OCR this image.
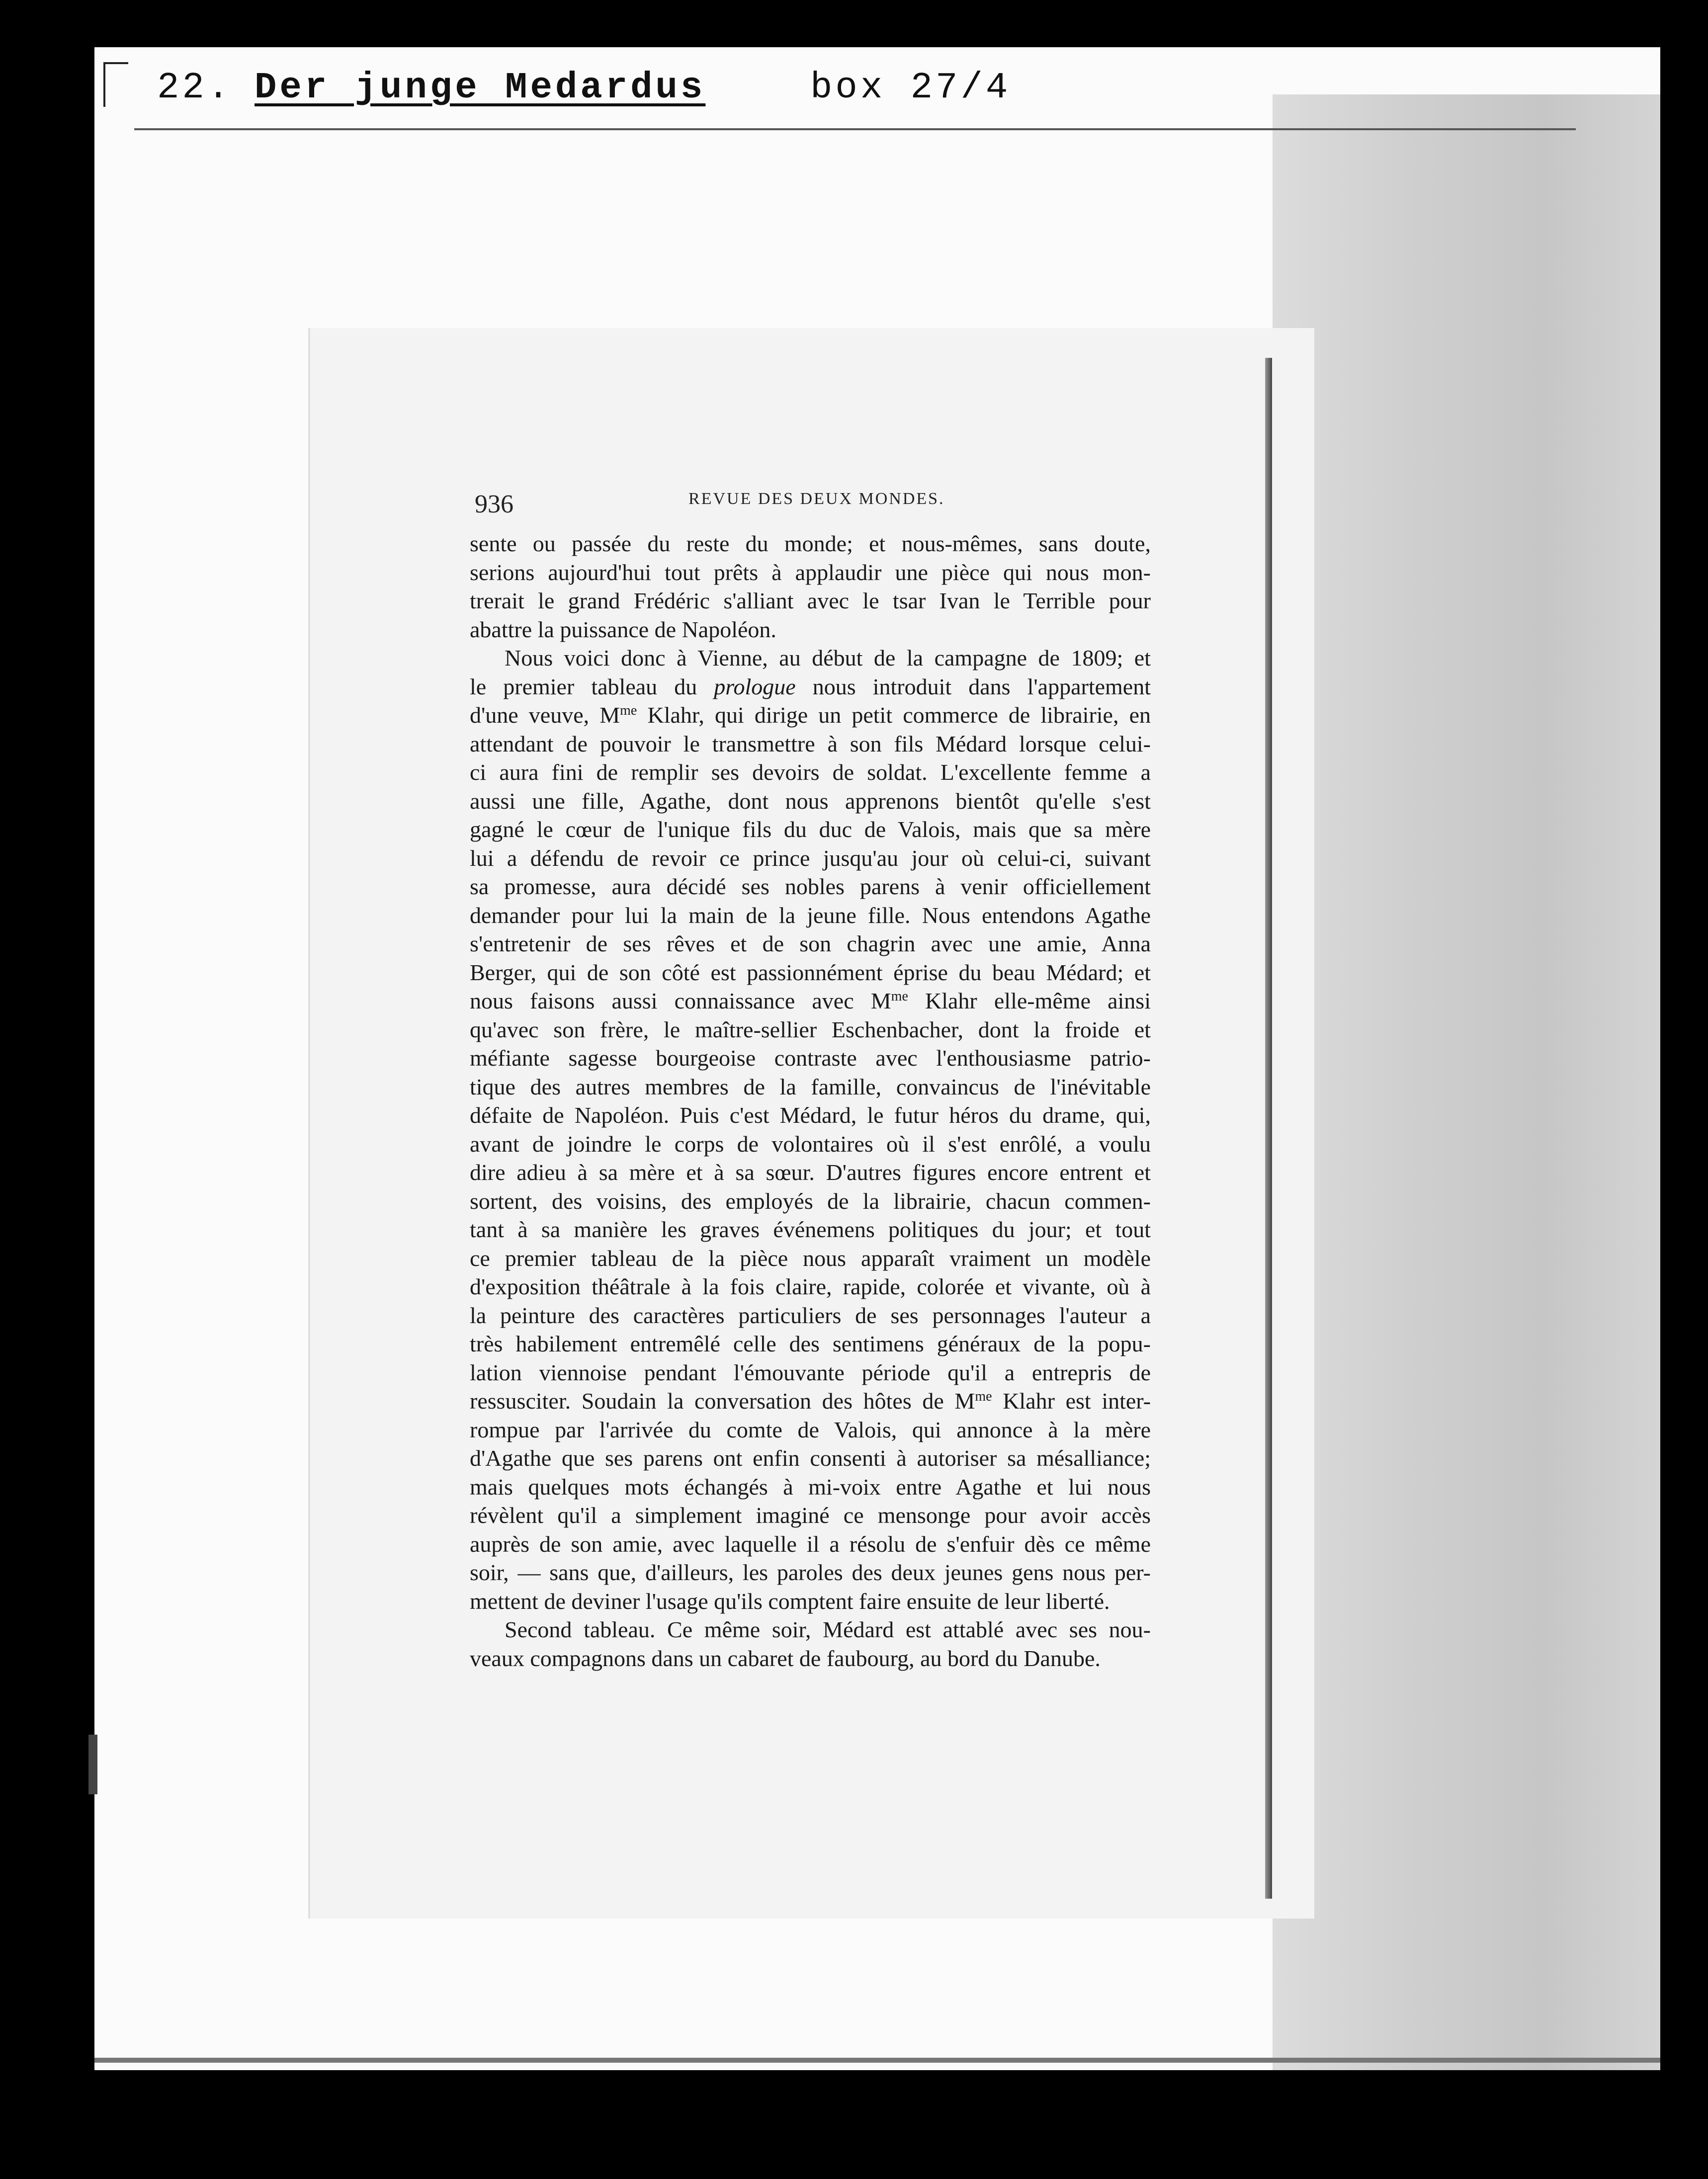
22. Der junge Medardus	box 27/4
936	REVUE DES DEUX MONDES.
sente ou passée du reste du monde; et nous-mêmes, sans doute,
serions aujourd'hui tout prêts à applaudir une pièce qui nous mon-
trerait le grand Frédéric s'alliant avec le tsar Ivan le Terrible pour
abattre la puissance de Napoléon.
Nous voici donc à Vienne, au début de la campagne de 1809; et
le premier tableau du prologue nous introduit dans l'appartement
d'une veuve, $M^{me}$ Klahr, qui dirige un petit commerce de librairie, en
attendant de pouvoir le transmettre à son fils Médard lorsque celui-
ci aura fini de remplir ses devoirs de soldat. L'excellente femme a
aussi une fille, Agathe, dont nous apprenons bientôt qu'elle s'est
gagné le cœur de l'unique fils du duc de Valois, mais que sa mère
lui a défendu de revoir ce prince jusqu'au jour où celui-ci, suivant
sa promesse, aura décidé ses nobles parens à venir officiellement
demander pour lui la main de la jeune fille. Nous entendons Agathe
s'entretenir de ses rêves et de son chagrin avec une amie, Anna
Berger, qui de son côté est passionnément éprise du beau Médard; et
nous faisons aussi connaissance avec $M^{me}$ Klahr elle-même ainsi
qu'avec son frère, le maître-sellier Eschenbacher, dont la froide et
méfiante sagesse bourgeoise contraste avec l'enthousiasme patrio-
tique des autres membres de la famille, convaincus de l'inévitable
défaite de Napoléon. Puis c'est Médard, le futur héros du drame, qui,
avant de joindre le corps de volontaires où il s'est enrôlé, a voulu
dire adieu à sa mère et à sa sœur. D'autres figures encore entrent et
sortent, des voisins, des employés de la librairie, chacun commen-
tant à sa manière les graves événemens politiques du jour; et tout
ce premier tableau de la pièce nous apparaît vraiment un modèle
d'exposition théâtrale à la fois claire, rapide, colorée et vivante, où à
la peinture des caractères particuliers de ses personnages l'auteur a
très habilement entremêlé celle des sentimens généraux de la popu-
lation viennoise pendant l'émouvante période qu'il a entrepris de
ressusciter. Soudain la conversation des hôtes de $M^{me}$ Klahr est inter-
rompue par l'arrivée du comte de Valois, qui annonce à la mère
d'Agathe que ses parens ont enfin consenti à autoriser sa mésalliance;
mais quelques mots échangés à mi-voix entre Agathe et lui nous
révèlent qu'il a simplement imaginé ce mensonge pour avoir accès
auprès de son amie, avec laquelle il a résolu de s'enfuir dès ce même
soir, — sans que, d'ailleurs, les paroles des deux jeunes gens nous per-
mettent de deviner l'usage qu'ils comptent faire ensuite de leur liberté.
Second tableau. Ce même soir, Médard est attablé avec ses nou-
veaux compagnons dans un cabaret de faubourg, au bord du Danube.
